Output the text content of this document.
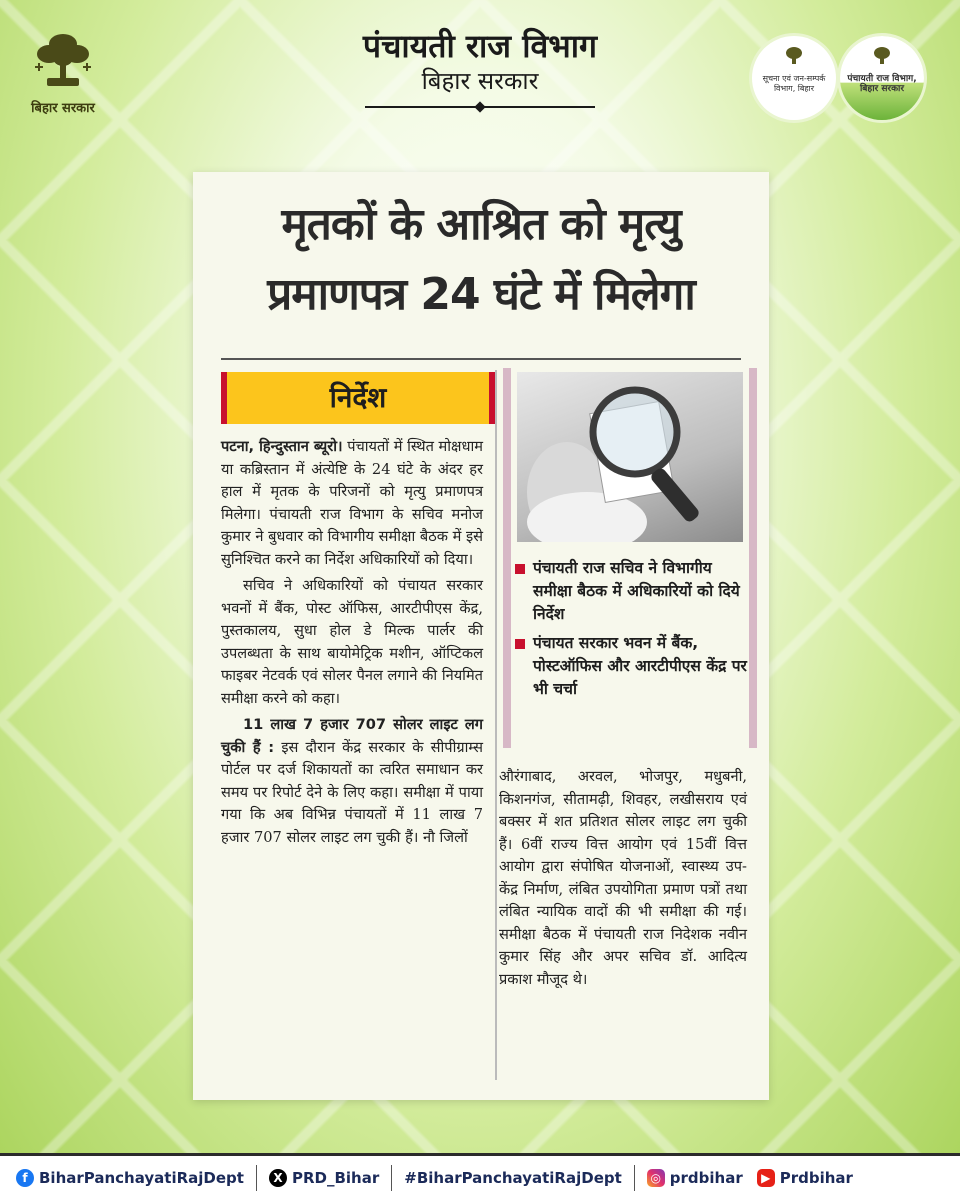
बिहार सरकार
पंचायती राज विभाग
बिहार सरकार	सूचना एवं जन-सम्पर्क विभाग, बिहार
पंचायती राज विभाग, बिहार सरकार
मृतकों के आश्रित को मृत्यु
प्रमाणपत्र 24 घंटे में मिलेगा
निर्देश

पटना, हिन्दुस्तान ब्यूरो। पंचायतों में स्थित मोक्षधाम या कब्रिस्तान में अंत्येष्टि के 24 घंटे के अंदर हर हाल में मृतक के परिजनों को मृत्यु प्रमाणपत्र मिलेगा। पंचायती राज विभाग के सचिव मनोज कुमार ने बुधवार को विभागीय समीक्षा बैठक में इसे सुनिश्चित करने का निर्देश अधिकारियों को दिया।

सचिव ने अधिकारियों को पंचायत सरकार भवनों में बैंक, पोस्ट ऑफिस, आरटीपीएस केंद्र, पुस्तकालय, सुधा होल डे मिल्क पार्लर की उपलब्धता के साथ बायोमेट्रिक मशीन, ऑप्टिकल फाइबर नेटवर्क एवं सोलर पैनल लगाने की नियमित समीक्षा करने को कहा।

11 लाख 7 हजार 707 सोलर लाइट लग चुकी हैं : इस दौरान केंद्र सरकार के सीपीग्राम्स पोर्टल पर दर्ज शिकायतों का त्वरित समाधान कर समय पर रिपोर्ट देने के लिए कहा। समीक्षा में पाया गया कि अब विभिन्न पंचायतों में 11 लाख 7 हजार 707 सोलर लाइट लग चुकी हैं। नौ जिलों

पंचायती राज सचिव ने विभागीय समीक्षा बैठक में अधिकारियों को दिये निर्देश
पंचायत सरकार भवन में बैंक, पोस्टऑफिस और आरटीपीएस केंद्र पर भी चर्चा

औरंगाबाद, अरवल, भोजपुर, मधुबनी, किशनगंज, सीतामढ़ी, शिवहर, लखीसराय एवं बक्सर में शत प्रतिशत सोलर लाइट लग चुकी हैं। 6वीं राज्य वित्त आयोग एवं 15वीं वित्त आयोग द्वारा संपोषित योजनाओं, स्वास्थ्य उप-केंद्र निर्माण, लंबित उपयोगिता प्रमाण पत्रों तथा लंबित न्यायिक वादों की भी समीक्षा की गई। समीक्षा बैठक में पंचायती राज निदेशक नवीन कुमार सिंह और अपर सचिव डॉ. आदित्य प्रकाश मौजूद थे।

f BiharPanchayatiRajDept	X PRD_Bihar #BiharPanchayatiRajDept	◎ prdbihar	▶ Prdbihar
